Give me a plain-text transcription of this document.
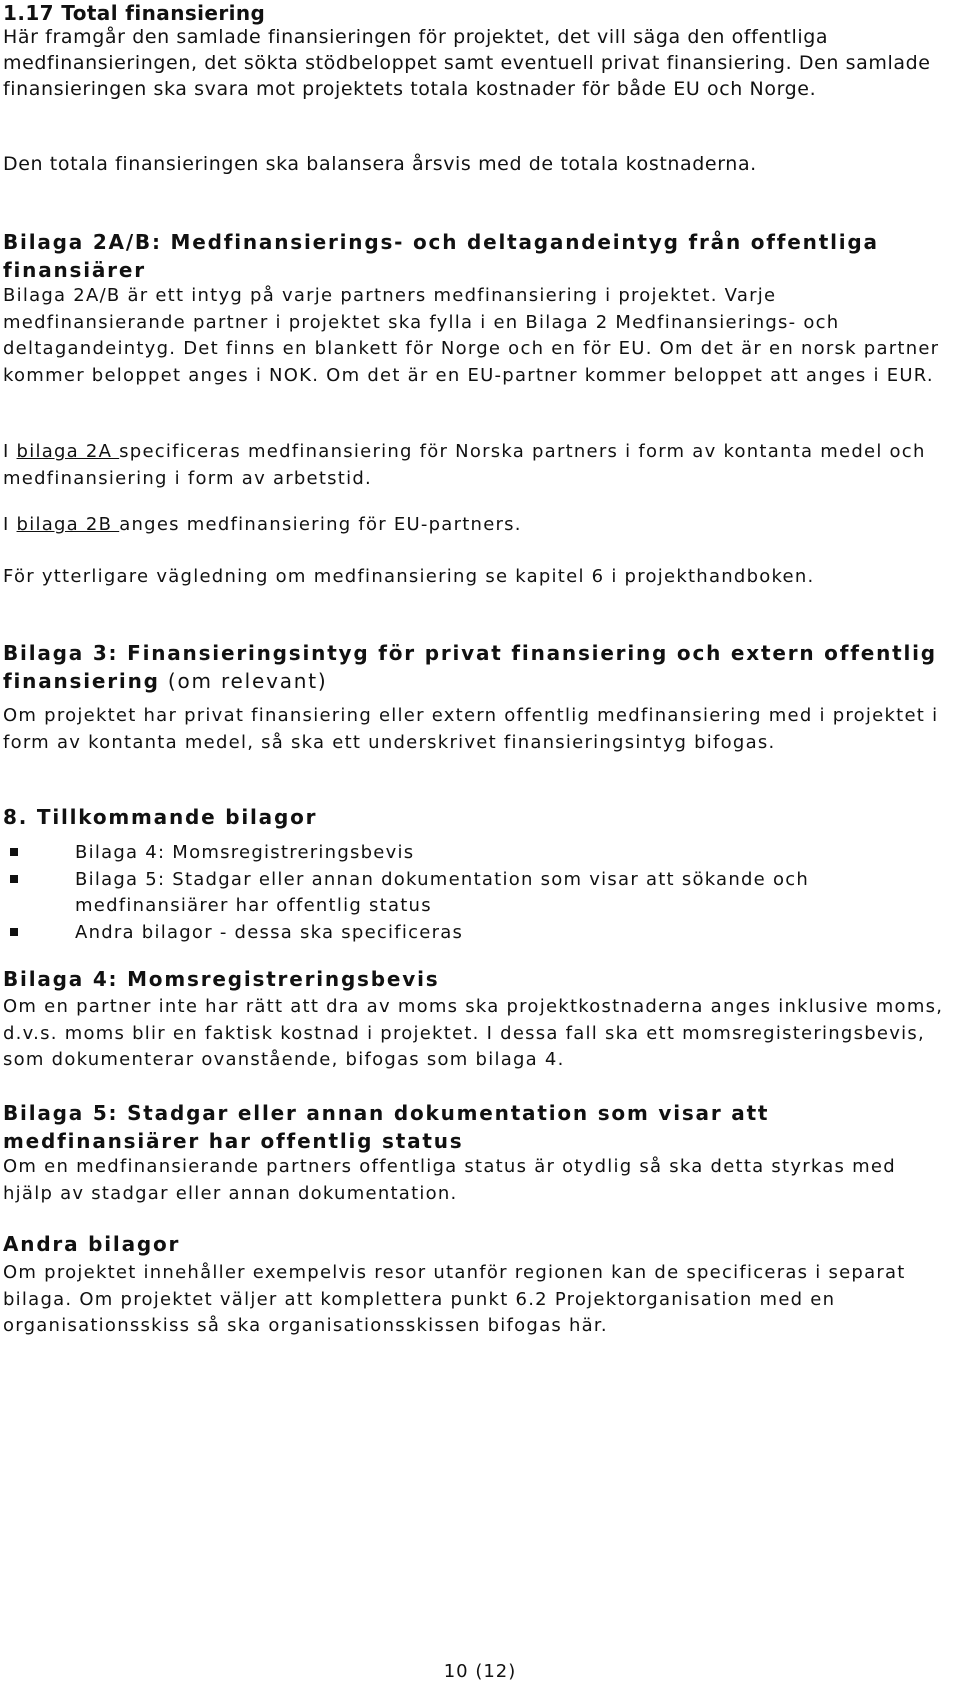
1.17 Total finansiering

Här framgår den samlade finansieringen för projektet, det vill säga den offentliga medfinansieringen, det sökta stödbeloppet samt eventuell privat finansiering. Den samlade finansieringen ska svara mot projektets totala kostnader för både EU och Norge.

Den totala finansieringen ska balansera årsvis med de totala kostnaderna.

Bilaga 2A/B: Medfinansierings- och deltagandeintyg från offentliga finansiärer

Bilaga 2A/B är ett intyg på varje partners medfinansiering i projektet. Varje medfinansierande partner i projektet ska fylla i en Bilaga 2 Medfinansierings- och deltagandeintyg. Det finns en blankett för Norge och en för EU. Om det är en norsk partner kommer beloppet anges i NOK. Om det är en EU-partner kommer beloppet att anges i EUR.

I bilaga 2A specificeras medfinansiering för Norska partners i form av kontanta medel och medfinansiering i form av arbetstid.

I bilaga 2B anges medfinansiering för EU-partners.

För ytterligare vägledning om medfinansiering se kapitel 6 i projekthandboken.

Bilaga 3: Finansieringsintyg för privat finansiering och extern offentlig finansiering (om relevant)

Om projektet har privat finansiering eller extern offentlig medfinansiering med i projektet i form av kontanta medel, så ska ett underskrivet finansieringsintyg bifogas.

8. Tillkommande bilagor
Bilaga 4: Momsregistreringsbevis
Bilaga 5: Stadgar eller annan dokumentation som visar att sökande och medfinansiärer har offentlig status
Andra bilagor - dessa ska specificeras
Bilaga 4: Momsregistreringsbevis

Om en partner inte har rätt att dra av moms ska projektkostnaderna anges inklusive moms, d.v.s. moms blir en faktisk kostnad i projektet. I dessa fall ska ett momsregisteringsbevis, som dokumenterar ovanstående, bifogas som bilaga 4.

Bilaga 5: Stadgar eller annan dokumentation som visar att medfinansiärer har offentlig status

Om en medfinansierande partners offentliga status är otydlig så ska detta styrkas med hjälp av stadgar eller annan dokumentation.

Andra bilagor

Om projektet innehåller exempelvis resor utanför regionen kan de specificeras i separat bilaga. Om projektet väljer att komplettera punkt 6.2 Projektorganisation med en organisationsskiss så ska organisationsskissen bifogas här.

10 (12)
